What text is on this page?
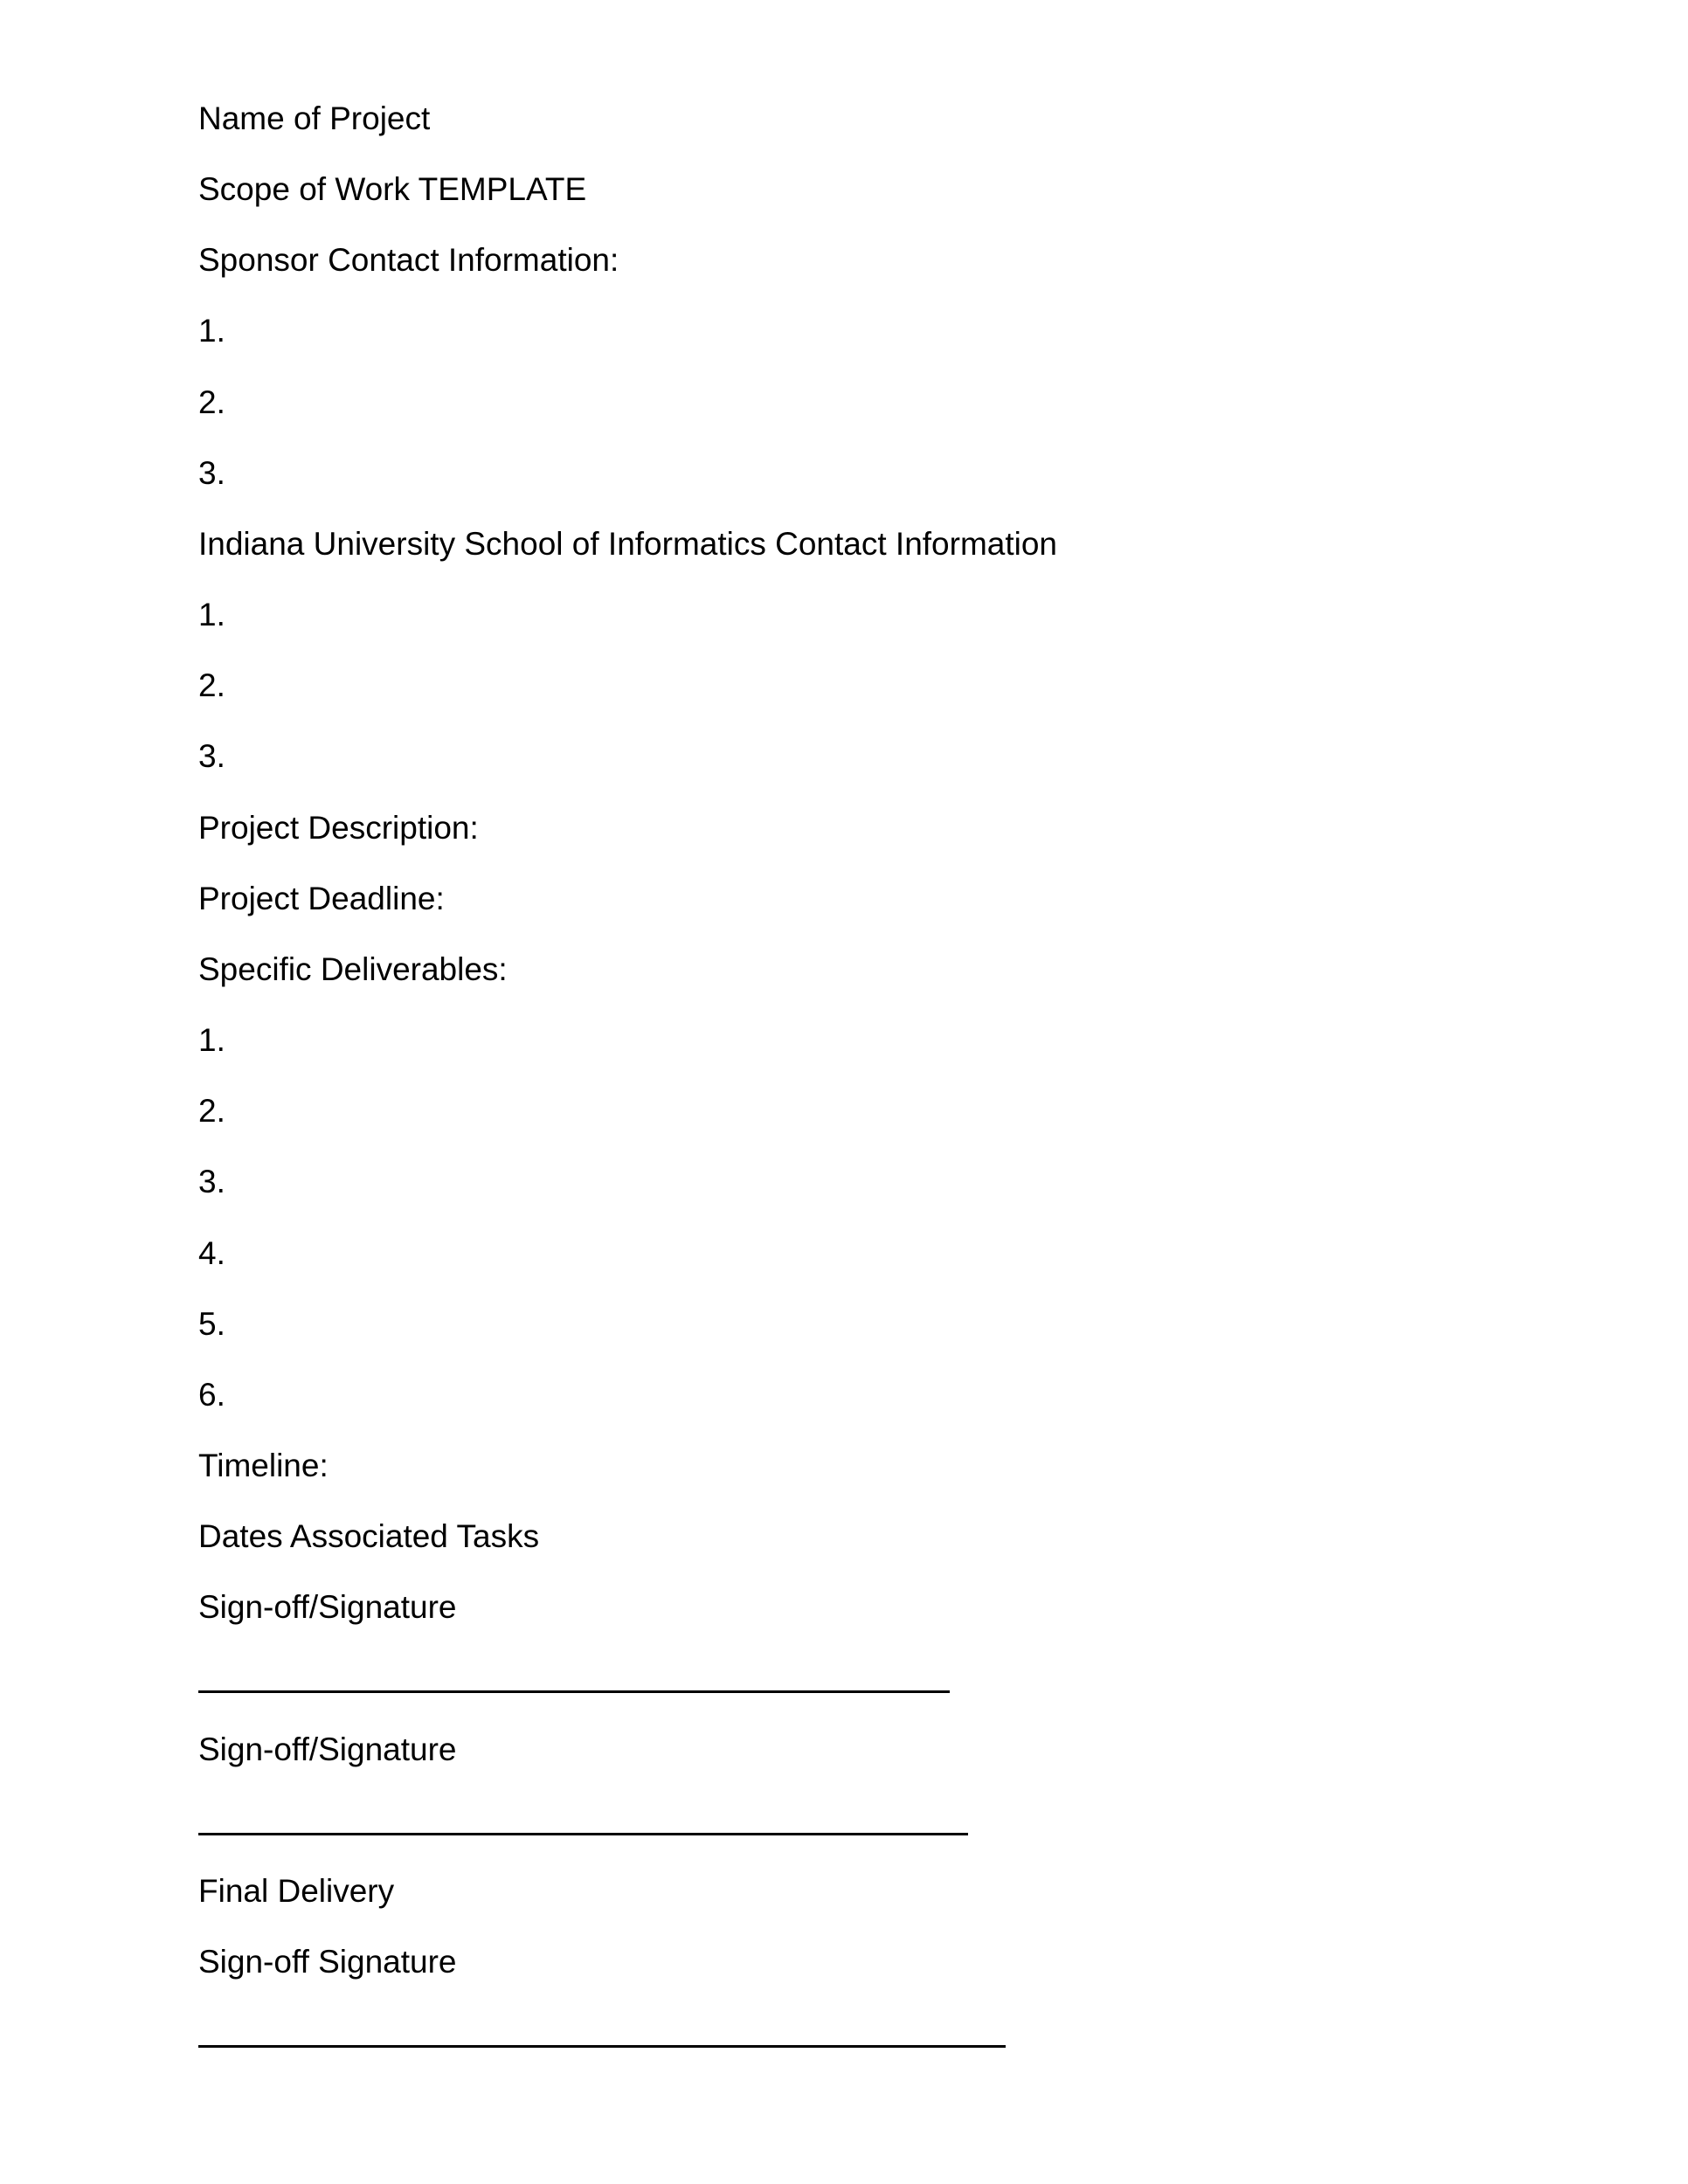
Name of Project

Scope of Work TEMPLATE

Sponsor Contact Information:

1.

2.

3.

Indiana University School of Informatics Contact Information

1.

2.

3.

Project Description:

Project Deadline:

Specific Deliverables:

1.

2.

3.

4.

5.

6.

Timeline:

Dates Associated Tasks

Sign-off/Signature

Sign-off/Signature

Final Delivery

Sign-off Signature
